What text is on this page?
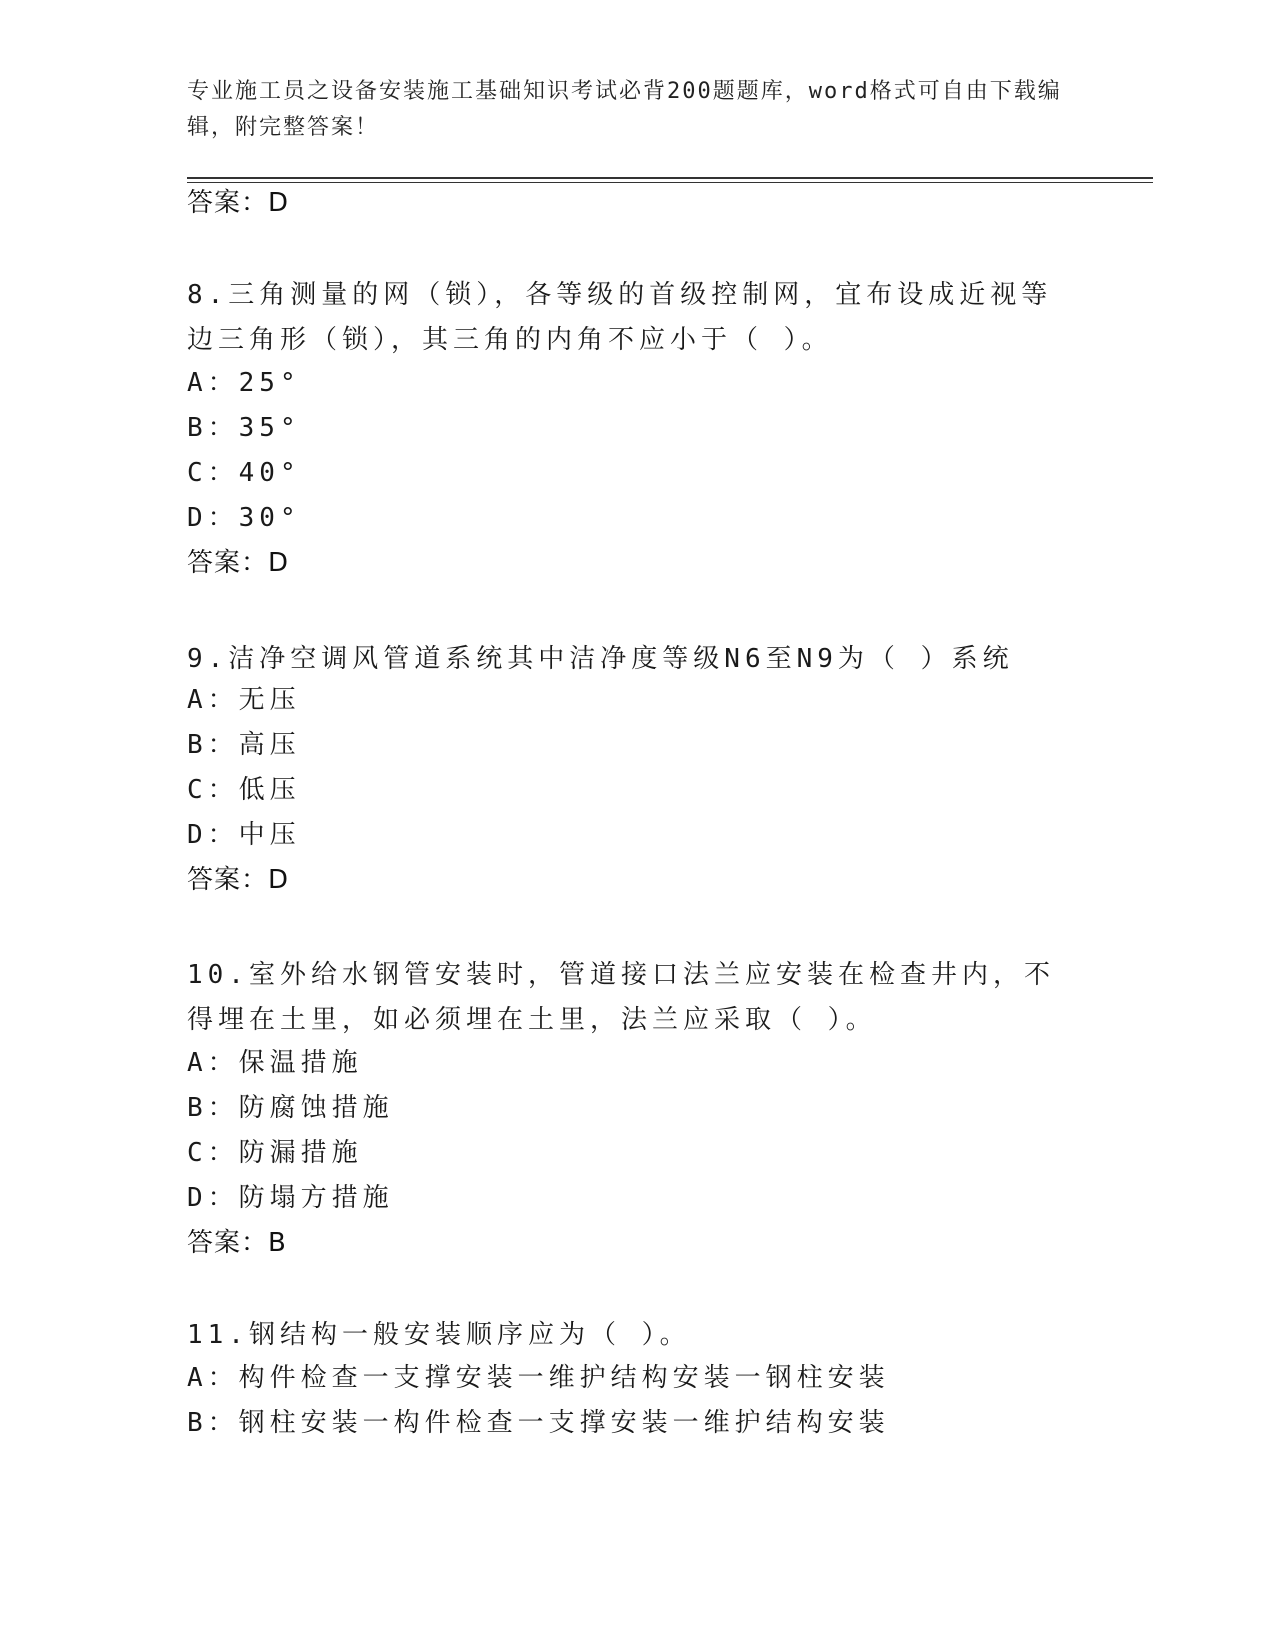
专业施工员之设备安装施工基础知识考试必背200题题库，word格式可自由下载编辑，附完整答案！
答案：D
8.三角测量的网（锁），各等级的首级控制网，宜布设成近视等边三角形（锁），其三角的内角不应小于（ ）。
A：25°
B：35°
C：40°
D：30°
答案：D
9.洁净空调风管道系统其中洁净度等级N6至N9为（ ）系统
A：无压
B：高压
C：低压
D：中压
答案：D
10.室外给水钢管安装时，管道接口法兰应安装在检查井内，不得埋在土里，如必须埋在土里，法兰应采取（ ）。
A：保温措施
B：防腐蚀措施
C：防漏措施
D：防塌方措施
答案：B
11.钢结构一般安装顺序应为（ ）。
A：构件检查一支撑安装一维护结构安装一钢柱安装
B：钢柱安装一构件检查一支撑安装一维护结构安装
